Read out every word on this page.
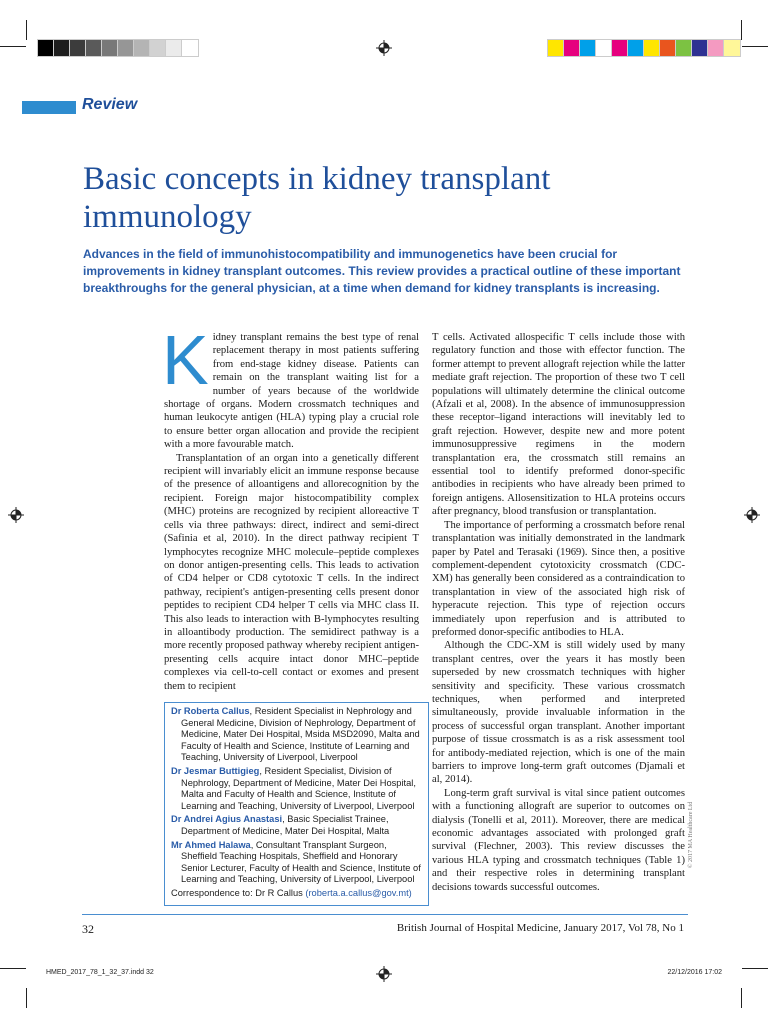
Review
Basic concepts in kidney transplant immunology
Advances in the field of immunohistocompatibility and immunogenetics have been crucial for improvements in kidney transplant outcomes. This review provides a practical outline of these important breakthroughs for the general physician, at a time when demand for kidney transplants is increasing.

Kidney transplant remains the best type of renal replacement therapy in most patients suffering from end-stage kidney disease. Patients can remain on the transplant waiting list for a number of years because of the worldwide shortage of organs. Modern crossmatch techniques and human leukocyte antigen (HLA) typing play a crucial role to ensure better organ allocation and provide the recipient with a more favourable match.

Transplantation of an organ into a genetically different recipient will invariably elicit an immune response because of the presence of alloantigens and allorecognition by the recipient. Foreign major histocompatibility complex (MHC) proteins are recognized by recipient alloreactive T cells via three pathways: direct, indirect and semi-direct (Safinia et al, 2010). In the direct pathway recipient T lymphocytes recognize MHC molecule–peptide complexes on donor antigen-presenting cells. This leads to activation of CD4 helper or CD8 cytotoxic T cells. In the indirect pathway, recipient's antigen-presenting cells present donor peptides to recipient CD4 helper T cells via MHC class II. This also leads to interaction with B-lymphocytes resulting in alloantibody production. The semidirect pathway is a more recently proposed pathway whereby recipient antigen-presenting cells acquire intact donor MHC–peptide complexes via cell-to-cell contact or exomes and present them to recipient

T cells. Activated allospecific T cells include those with regulatory function and those with effector function. The former attempt to prevent allograft rejection while the latter mediate graft rejection. The proportion of these two T cell populations will ultimately determine the clinical outcome (Afzali et al, 2008). In the absence of immunosuppression these receptor–ligand interactions will inevitably led to graft rejection. However, despite new and more potent immunosuppressive regimens in the modern transplantation era, the crossmatch still remains an essential tool to identify preformed donor-specific antibodies in recipients who have already been primed to foreign antigens. Allosensitization to HLA proteins occurs after pregnancy, blood transfusion or transplantation.

The importance of performing a crossmatch before renal transplantation was initially demonstrated in the landmark paper by Patel and Terasaki (1969). Since then, a positive complement-dependent cytotoxicity crossmatch (CDC-XM) has generally been considered as a contraindication to transplantation in view of the associated high risk of hyperacute rejection. This type of rejection occurs immediately upon reperfusion and is attributed to preformed donor-specific antibodies to HLA.

Although the CDC-XM is still widely used by many transplant centres, over the years it has mostly been superseded by new crossmatch techniques with higher sensitivity and specificity. These various crossmatch techniques, when performed and interpreted simultaneously, provide invaluable information in the process of successful organ transplant. Another important purpose of tissue crossmatch is as a risk assessment tool for antibody-mediated rejection, which is one of the main barriers to improve long-term graft outcomes (Djamali et al, 2014).

Long-term graft survival is vital since patient outcomes with a functioning allograft are superior to outcomes on dialysis (Tonelli et al, 2011). Moreover, there are medical economic advantages associated with prolonged graft survival (Flechner, 2003). This review discusses the various HLA typing and crossmatch techniques (Table 1) and their respective roles in determining transplant decisions towards successful outcomes.

Dr Roberta Callus, Resident Specialist in Nephrology and General Medicine, Division of Nephrology, Department of Medicine, Mater Dei Hospital, Msida MSD2090, Malta and Faculty of Health and Science, Institute of Learning and Teaching, University of Liverpool, Liverpool
Dr Jesmar Buttigieg, Resident Specialist, Division of Nephrology, Department of Medicine, Mater Dei Hospital, Malta and Faculty of Health and Science, Institute of Learning and Teaching, University of Liverpool, Liverpool
Dr Andrei Agius Anastasi, Basic Specialist Trainee, Department of Medicine, Mater Dei Hospital, Malta
Mr Ahmed Halawa, Consultant Transplant Surgeon, Sheffield Teaching Hospitals, Sheffield and Honorary Senior Lecturer, Faculty of Health and Science, Institute of Learning and Teaching, University of Liverpool, Liverpool
Correspondence to: Dr R Callus (roberta.a.callus@gov.mt)
© 2017 MA Healthcare Ltd
32	British Journal of Hospital Medicine, January 2017, Vol 78, No 1
HMED_2017_78_1_32_37.indd 32	22/12/2016 17:02
